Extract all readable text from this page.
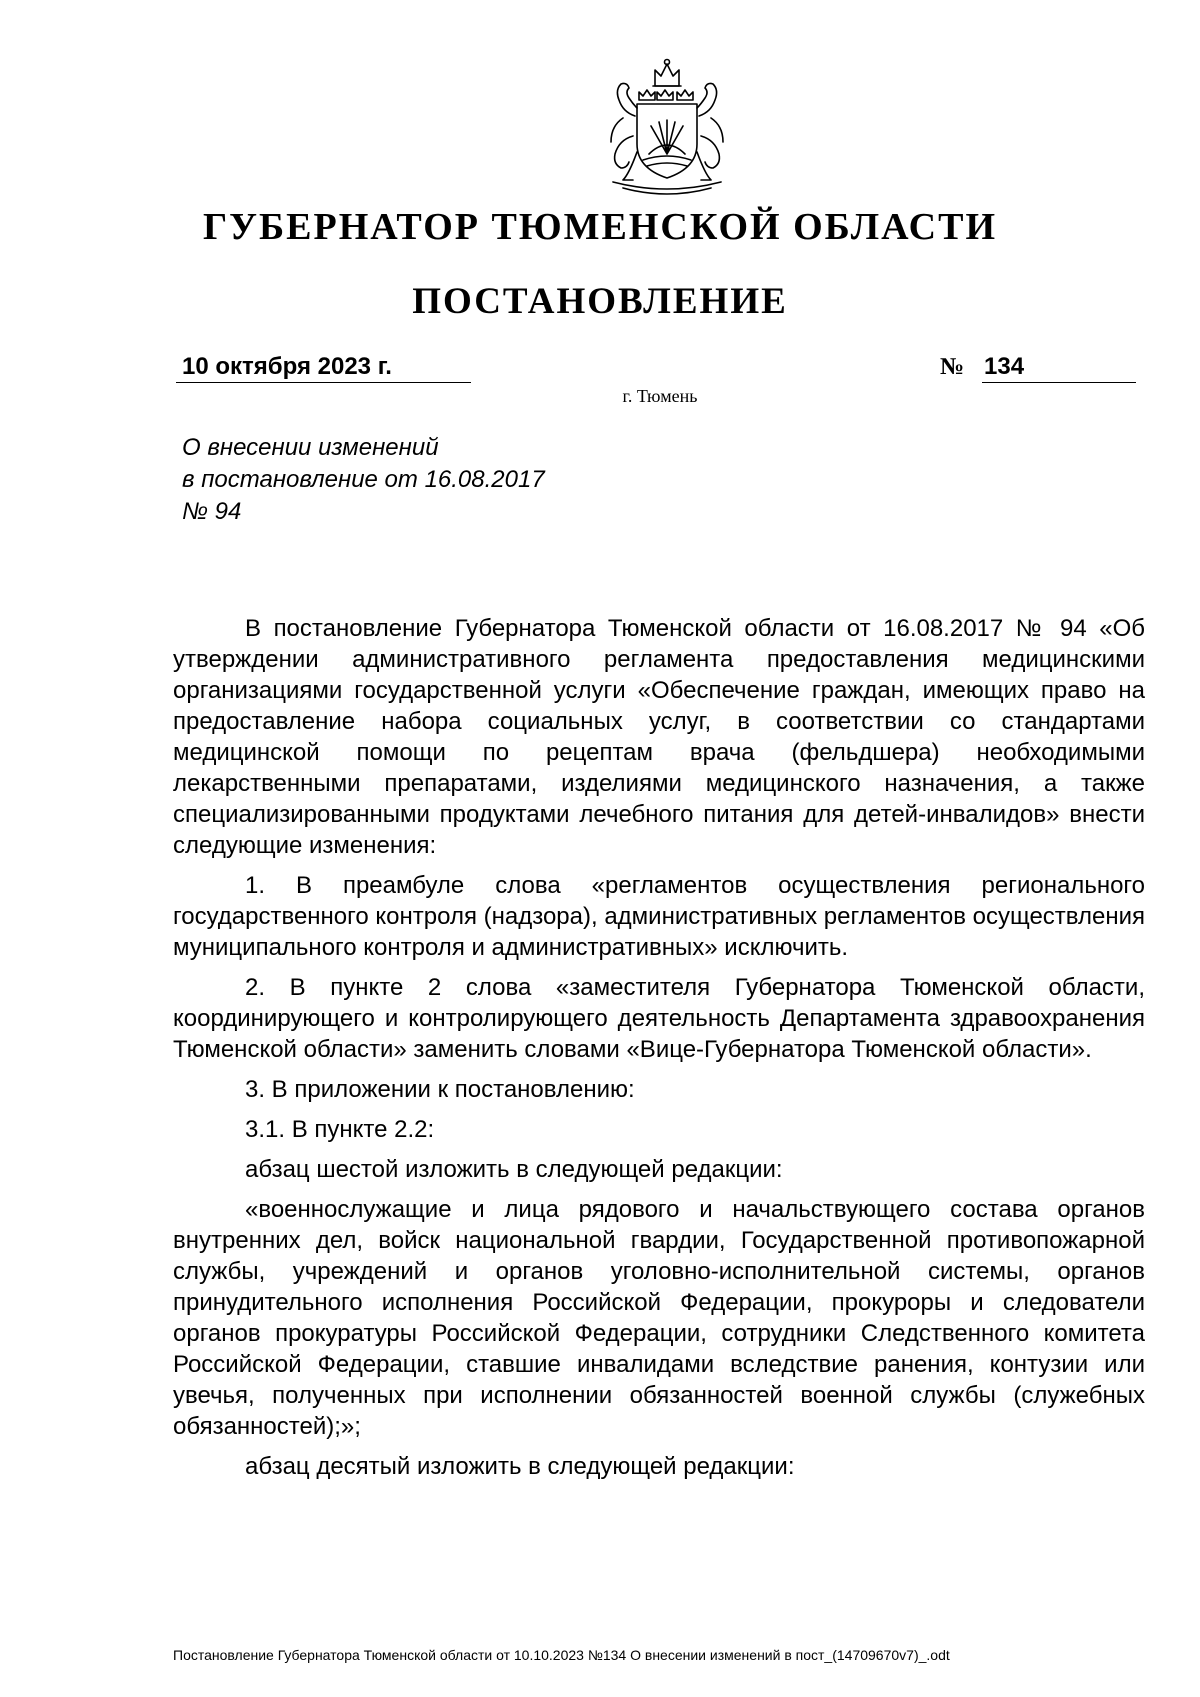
ГУБЕРНАТОР ТЮМЕНСКОЙ ОБЛАСТИ
ПОСТАНОВЛЕНИЕ
10 октября 2023 г.	№ 134
г. Тюмень
О внесении изменений
в постановление от 16.08.2017
№ 94

В постановление Губернатора Тюменской области от 16.08.2017 № 94 «Об утверждении административного регламента предоставления медицинскими организациями государственной услуги «Обеспечение граждан, имеющих право на предоставление набора социальных услуг, в соответствии со стандартами медицинской помощи по рецептам врача (фельдшера) необходимыми лекарственными препаратами, изделиями медицинского назначения, а также специализированными продуктами лечебного питания для детей-инвалидов» внести следующие изменения:

1. В преамбуле слова «регламентов осуществления регионального государственного контроля (надзора), административных регламентов осуществления муниципального контроля и административных» исключить.

2. В пункте 2 слова «заместителя Губернатора Тюменской области, координирующего и контролирующего деятельность Департамента здравоохранения Тюменской области» заменить словами «Вице-Губернатора Тюменской области».

3. В приложении к постановлению:

3.1. В пункте 2.2:

абзац шестой изложить в следующей редакции:

«военнослужащие и лица рядового и начальствующего состава органов внутренних дел, войск национальной гвардии, Государственной противопожарной службы, учреждений и органов уголовно-исполнительной системы, органов принудительного исполнения Российской Федерации, прокуроры и следователи органов прокуратуры Российской Федерации, сотрудники Следственного комитета Российской Федерации, ставшие инвалидами вследствие ранения, контузии или увечья, полученных при исполнении обязанностей военной службы (служебных обязанностей);»;

абзац десятый изложить в следующей редакции:

Постановление Губернатора Тюменской области от 10.10.2023 №134 О внесении изменений в пост_(14709670v7)_.odt
